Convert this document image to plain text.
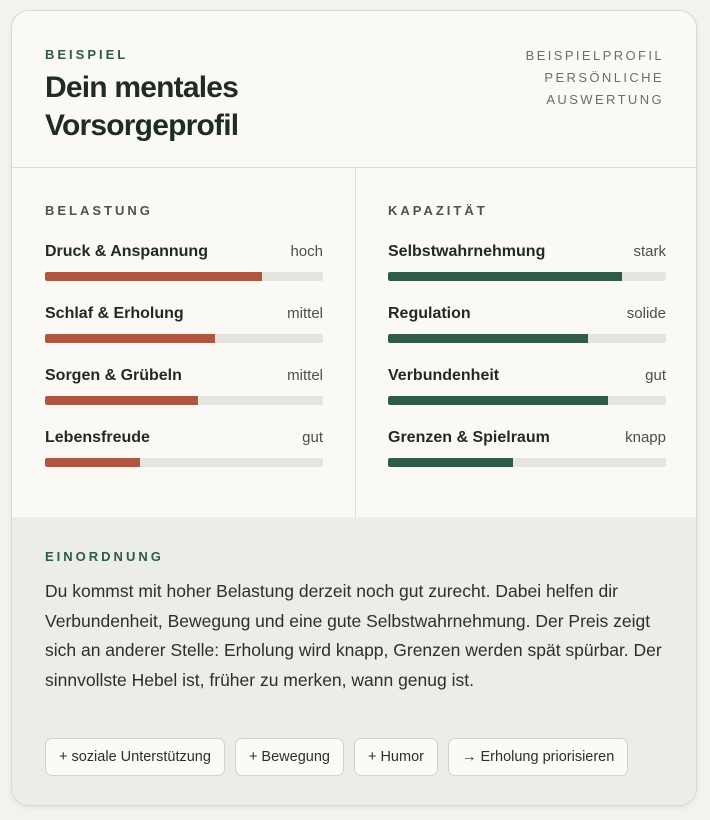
BEISPIEL
Dein mentales
Vorsorgeprofil
BEISPIELPROFIL
PERSÖNLICHE
AUSWERTUNG
BELASTUNG
Druck & Anspannung	hoch
Schlaf & Erholung	mittel
Sorgen & Grübeln	mittel
Lebensfreude	gut
KAPAZITÄT
Selbstwahrnehmung	stark
Regulation	solide
Verbundenheit	gut
Grenzen & Spielraum	knapp
EINORDNUNG
Du kommst mit hoher Belastung derzeit noch gut zurecht. Dabei helfen dir Verbundenheit, Bewegung und eine gute Selbstwahrnehmung. Der Preis zeigt sich an anderer Stelle: Erholung wird knapp, Grenzen werden spät spürbar. Der sinnvollste Hebel ist, früher zu merken, wann genug ist.
+ soziale Unterstützung	+ Bewegung	+ Humor	→ Erholung priorisieren
